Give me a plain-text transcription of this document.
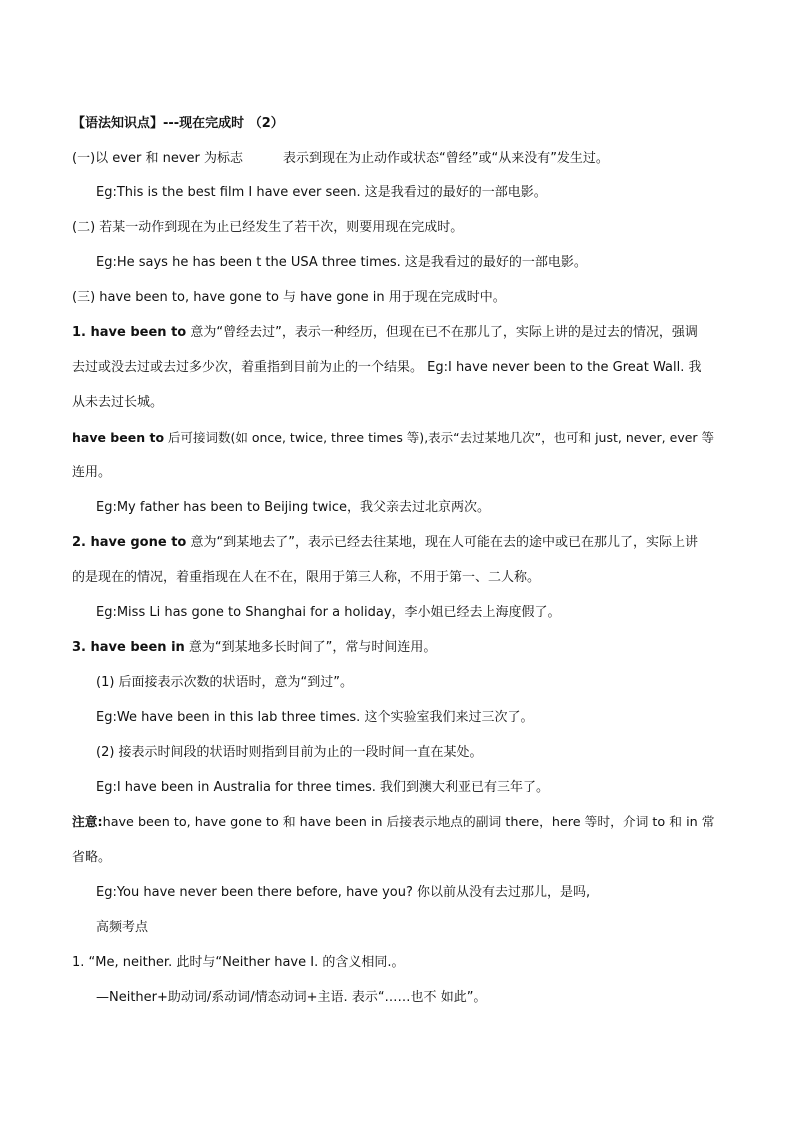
【语法知识点】---现在完成时 （2）
(一)以 ever 和 never 为标志	表示到现在为止动作或状态“曾经”或“从来没有”发生过。
Eg:This is the best film I have ever seen. 这是我看过的最好的一部电影。
(二) 若某一动作到现在为止已经发生了若干次，则要用现在完成时。
Eg:He says he has been t the USA three times. 这是我看过的最好的一部电影。
(三) have been to, have gone to 与 have gone in 用于现在完成时中。
1. have been to 意为“曾经去过”，表示一种经历，但现在已不在那儿了，实际上讲的是过去的情况，强调
去过或没去过或去过多少次，着重指到目前为止的一个结果。 Eg:I have never been to the Great Wall. 我
从未去过长城。
have been to 后可接词数(如 once, twice, three times 等),表示“去过某地几次”，也可和 just, never, ever 等
连用。
Eg:My father has been to Beijing twice，我父亲去过北京两次。
2. have gone to 意为“到某地去了”，表示已经去往某地，现在人可能在去的途中或已在那儿了，实际上讲
的是现在的情况，着重指现在人在不在，限用于第三人称，不用于第一、二人称。
Eg:Miss Li has gone to Shanghai for a holiday，李小姐已经去上海度假了。
3. have been in 意为“到某地多长时间了”，常与时间连用。
(1) 后面接表示次数的状语时，意为“到过”。
Eg:We have been in this lab three times. 这个实验室我们来过三次了。
(2) 接表示时间段的状语时则指到目前为止的一段时间一直在某处。
Eg:I have been in Australia for three times. 我们到澳大利亚已有三年了。
注意:have been to, have gone to 和 have been in 后接表示地点的副词 there，here 等时，介词 to 和 in 常
省略。
Eg:You have never been there before, have you? 你以前从没有去过那儿，是吗,
高频考点
1. “Me, neither. 此时与“Neither have I. 的含义相同.。
—Neither+助动词/系动词/情态动词+主语. 表示“……也不 如此”。
